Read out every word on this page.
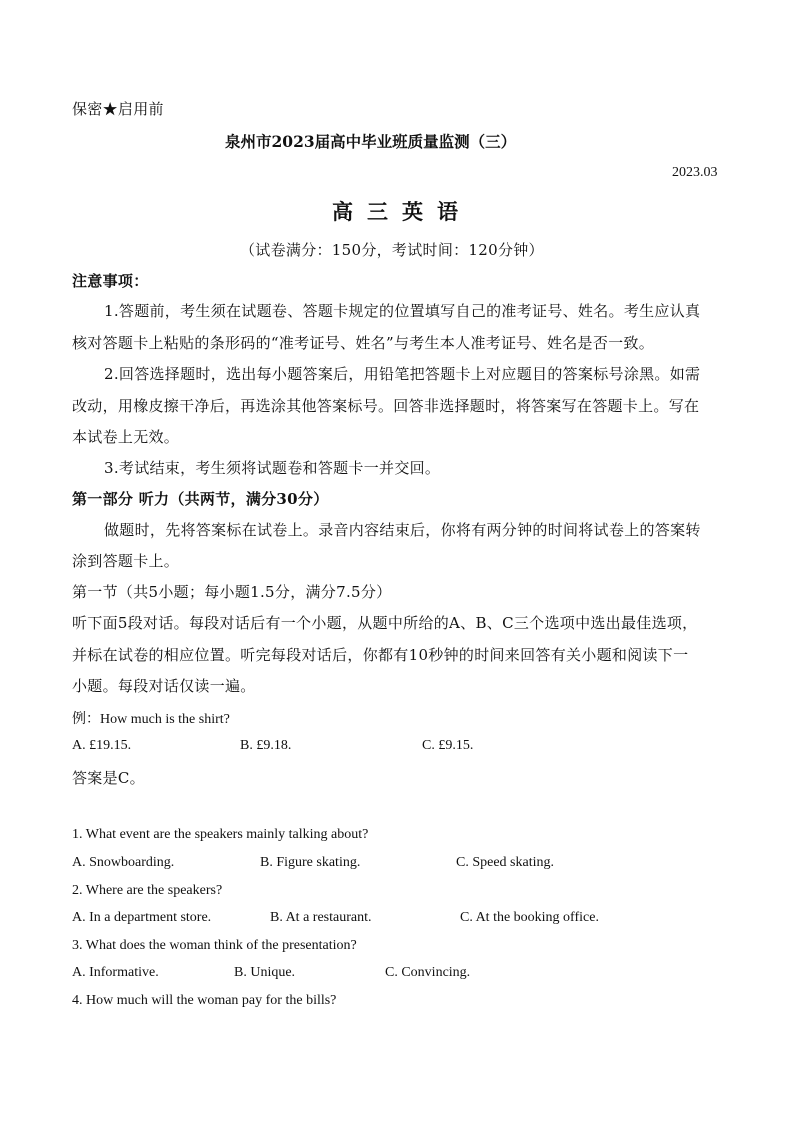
保密★启用前
泉州市2023届高中毕业班质量监测（三）
2023.03
高三英语
（试卷满分：150分，考试时间：120分钟）
注意事项：
1.答题前，考生须在试题卷、答题卡规定的位置填写自己的准考证号、姓名。考生应认真
核对答题卡上粘贴的条形码的“准考证号、姓名”与考生本人准考证号、姓名是否一致。
2.回答选择题时，选出每小题答案后，用铅笔把答题卡上对应题目的答案标号涂黑。如需
改动，用橡皮擦干净后，再选涂其他答案标号。回答非选择题时，将答案写在答题卡上。写在
本试卷上无效。
3.考试结束，考生须将试题卷和答题卡一并交回。
第一部分 听力（共两节，满分30分）
做题时，先将答案标在试卷上。录音内容结束后，你将有两分钟的时间将试卷上的答案转
涂到答题卡上。
第一节（共5小题；每小题1.5分，满分7.5分）
听下面5段对话。每段对话后有一个小题，从题中所给的A、B、C三个选项中选出最佳选项，
并标在试卷的相应位置。听完每段对话后，你都有10秒钟的时间来回答有关小题和阅读下一
小题。每段对话仅读一遍。
例：How much is the shirt?
A. £19.15.	B. £9.18.	C. £9.15.
答案是C。
1. What event are the speakers mainly talking about?
A. Snowboarding.	B. Figure skating.	C. Speed skating.
2. Where are the speakers?
A. In a department store.	B. At a restaurant.	C. At the booking office.
3. What does the woman think of the presentation?
A. Informative.	B. Unique.	C. Convincing.
4. How much will the woman pay for the bills?
